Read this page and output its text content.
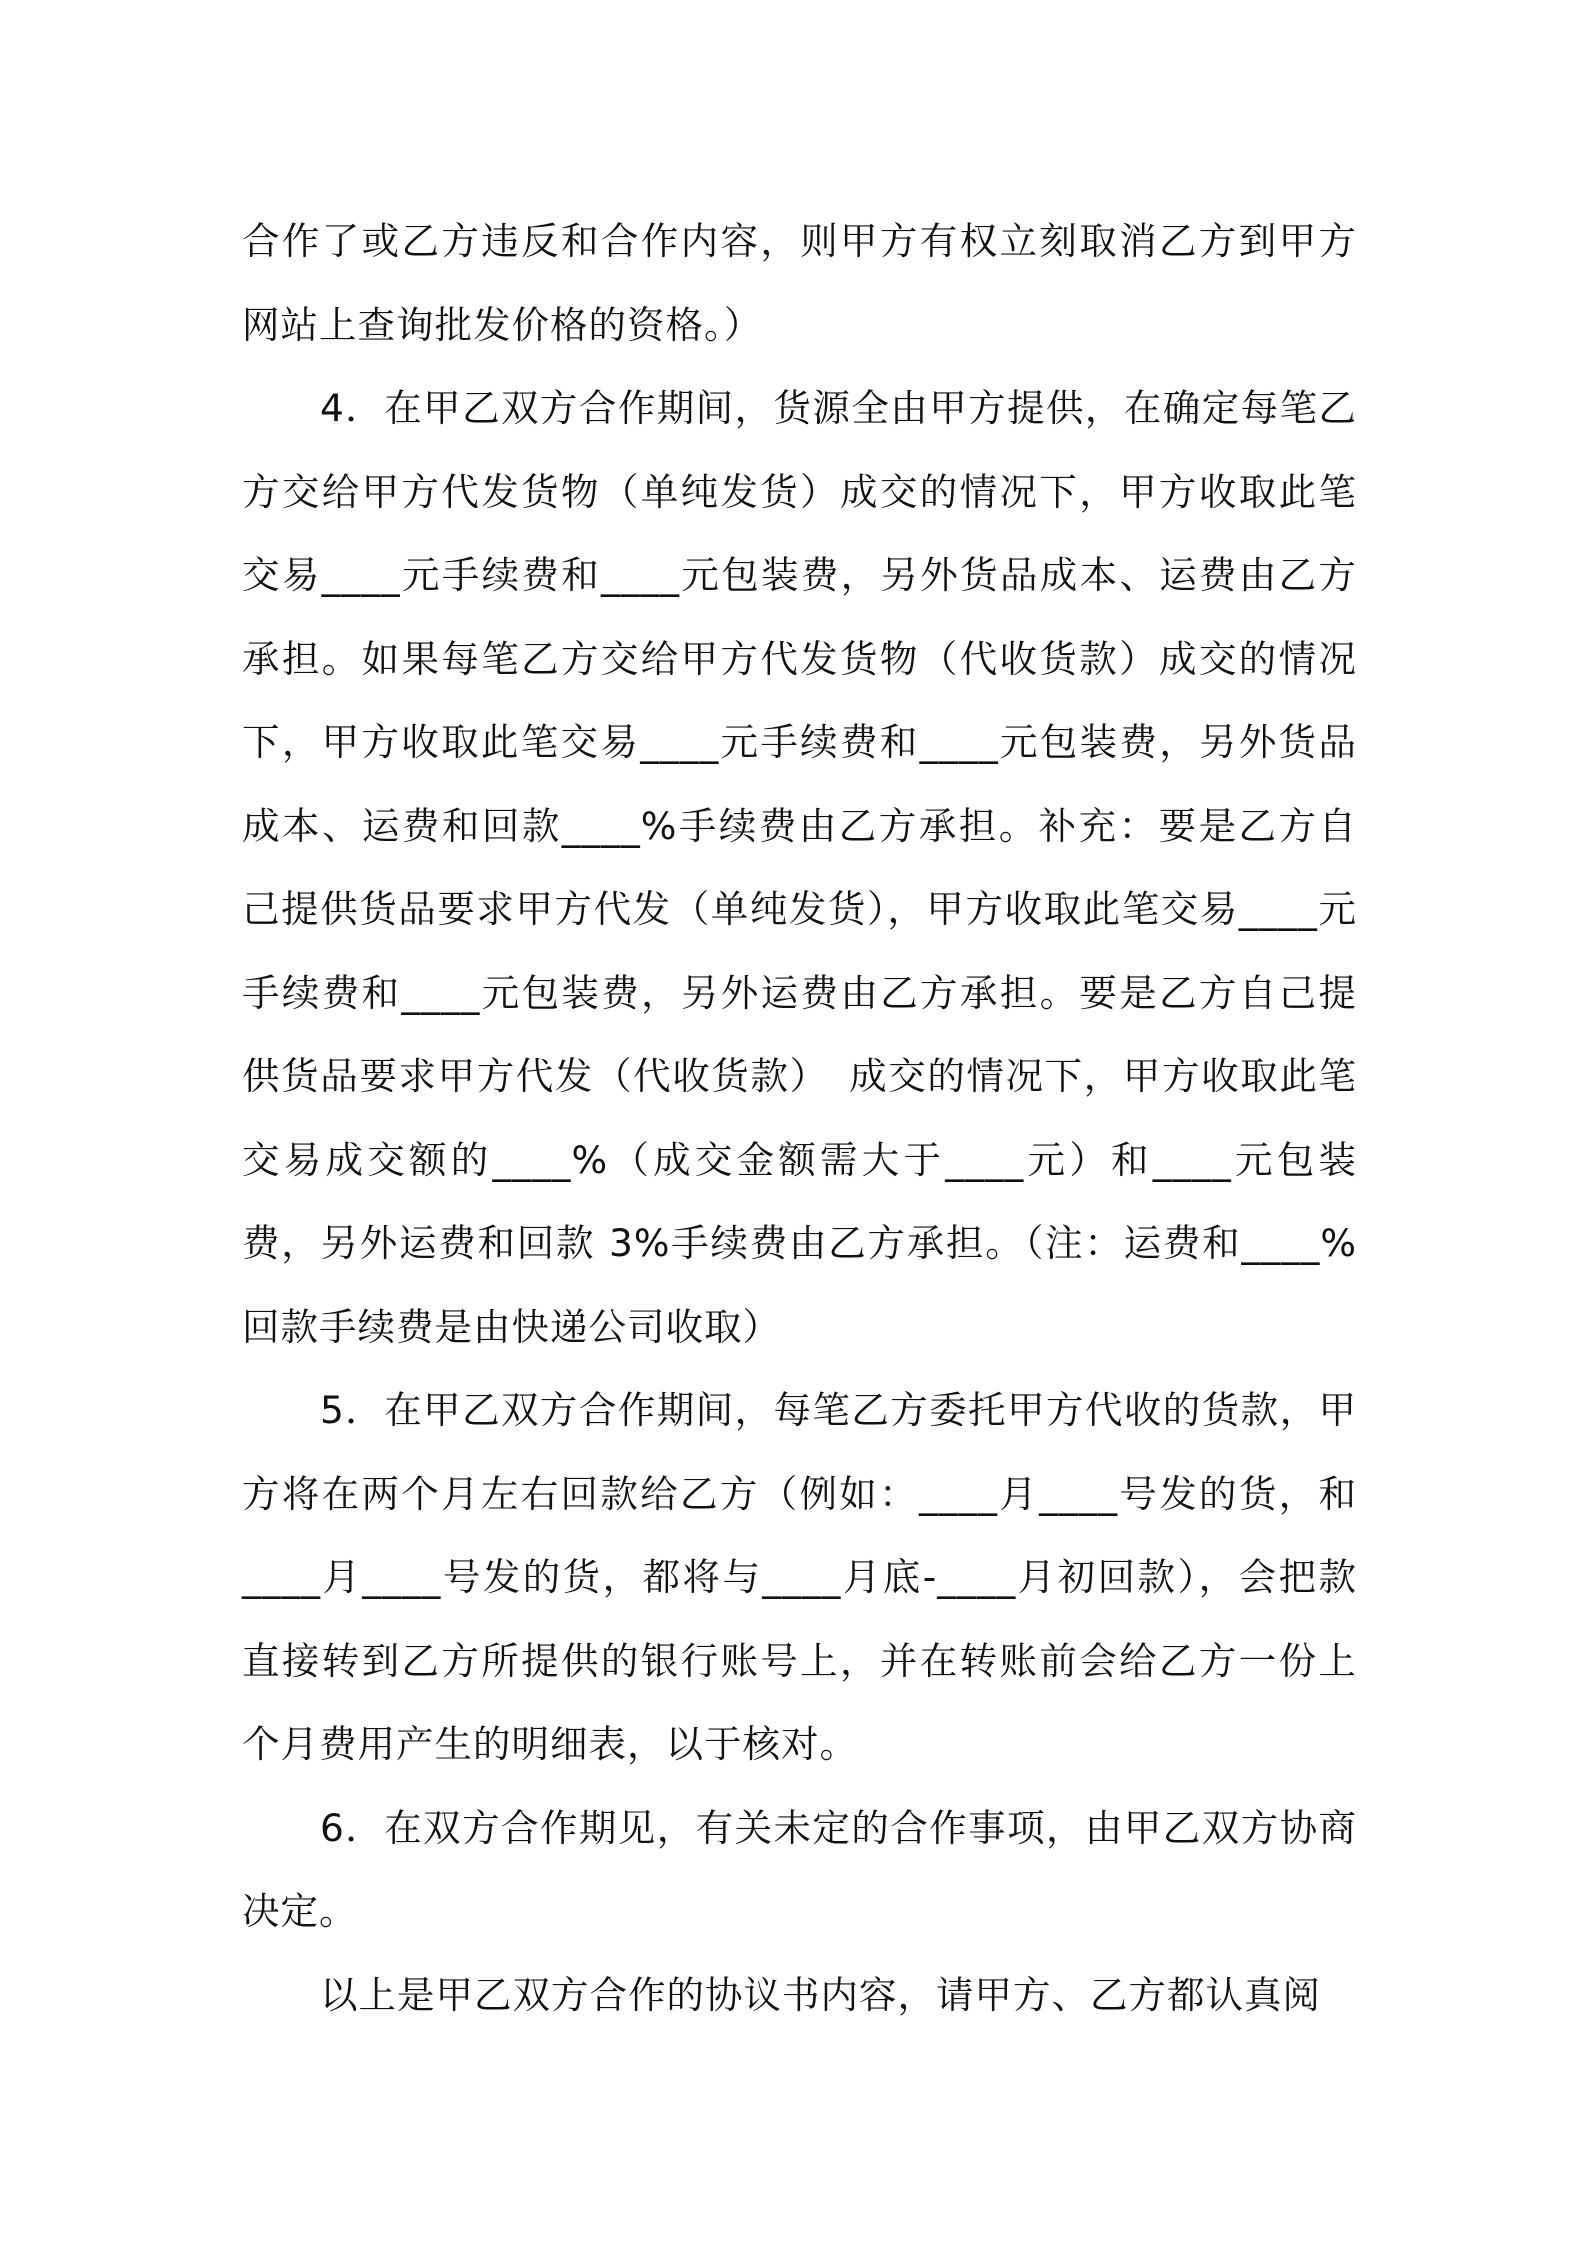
合作了或乙方违反和合作内容，则甲方有权立刻取消乙方到甲方网站上查询批发价格的资格。）

4．在甲乙双方合作期间，货源全由甲方提供，在确定每笔乙方交给甲方代发货物（单纯发货）成交的情况下，甲方收取此笔交易____元手续费和____元包装费，另外货品成本、运费由乙方承担。如果每笔乙方交给甲方代发货物（代收货款）成交的情况下，甲方收取此笔交易____元手续费和____元包装费，另外货品成本、运费和回款____%手续费由乙方承担。补充：要是乙方自己提供货品要求甲方代发（单纯发货），甲方收取此笔交易____元手续费和____元包装费，另外运费由乙方承担。要是乙方自己提供货品要求甲方代发（代收货款）　成交的情况下，甲方收取此笔交易成交额的____%（成交金额需大于____元）和____元包装费，另外运费和回款 3%手续费由乙方承担。（注：运费和____%回款手续费是由快递公司收取）

5．在甲乙双方合作期间，每笔乙方委托甲方代收的货款，甲方将在两个月左右回款给乙方（例如：____月____号发的货，和____月____号发的货，都将与____月底-____月初回款），会把款直接转到乙方所提供的银行账号上，并在转账前会给乙方一份上个月费用产生的明细表，以于核对。

6．在双方合作期见，有关未定的合作事项，由甲乙双方协商决定。

以上是甲乙双方合作的协议书内容，请甲方、乙方都认真阅
